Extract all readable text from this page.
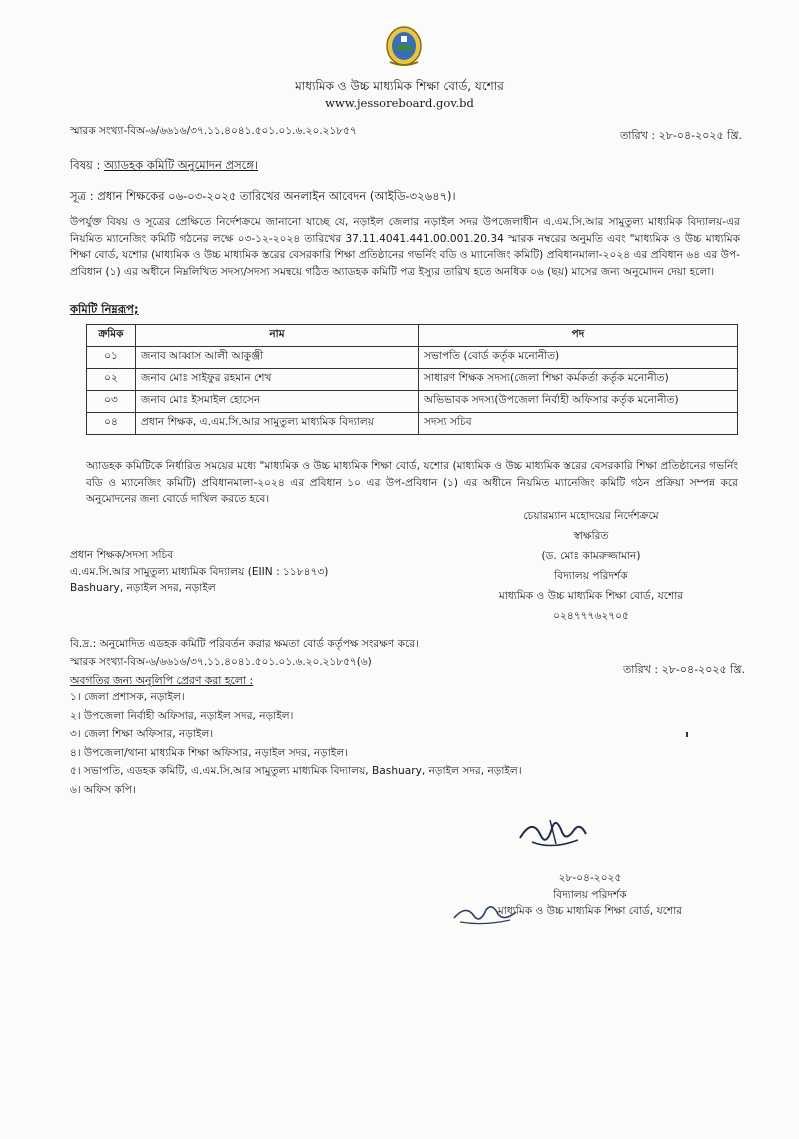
মাধ্যমিক ও উচ্চ মাধ্যমিক শিক্ষা বোর্ড, যশোর
www.jessoreboard.gov.bd
স্মারক সংখ্যা-বিঅ-৬/৬৬১৬/৩৭.১১.৪০৪১.৫০১.০১.৬.২০.২১৮৫৭	তারিখ : ২৮-০৪-২০২৫ খ্রি.
বিষয় : অ্যাডহক কমিটি অনুমোদন প্রসঙ্গে।
সূত্র : প্রধান শিক্ষকের ০৬-০৩-২০২৫ তারিখের অনলাইন আবেদন (আইডি-৩২৬৪৭)।
উপর্যুক্ত বিষয় ও সূত্রের প্রেক্ষিতে নির্দেশক্রমে জানানো যাচ্ছে যে, নড়াইল জেলার নড়াইল সদর উপজেলাধীন এ.এম.সি.আর সামুতুল্য মাধ্যমিক বিদ্যালয়-এর নিয়মিত ম্যানেজিং কমিটি গঠনের লক্ষে ০৩-১২-২০২৪ তারিখের 37.11.4041.441.00.001.20.34 স্মারক নম্বরের অনুমতি এবং "মাধ্যমিক ও উচ্চ মাধ্যমিক শিক্ষা বোর্ড, যশোর (মাধ্যমিক ও উচ্চ মাধ্যমিক স্তরের বেসরকারি শিক্ষা প্রতিষ্ঠানের গভর্নিং বডি ও ম্যানেজিং কমিটি) প্রবিধানমালা-২০২৪ এর প্রবিধান ৬৪ এর উপ-প্রবিধান (১) এর অধীনে নিম্নলিখিত সদস্য/সদস্য সমন্বয়ে গঠিত অ্যাডহক কমিটি পত্র ইস্যুর তারিখ হতে অনধিক ০৬ (ছয়) মাসের জন্য অনুমোদন দেয়া হলো।
কমিটি নিম্নরূপ;
ক্রমিক	নাম	পদ
০১	জনাব আব্বাস আলী আকুঞ্জী	সভাপতি (বোর্ড কর্তৃক মনোনীত)
০২	জনাব মোঃ সাইফুর রহমান শেখ	সাধারণ শিক্ষক সদস্য(জেলা শিক্ষা কর্মকর্তা কর্তৃক মনোনীত)
০৩	জনাব মোঃ ইসমাইল হোসেন	অভিভাবক সদস্য(উপজেলা নির্বাহী অফিসার কর্তৃক মনোনীত)
০৪	প্রধান শিক্ষক, এ.এম.সি.আর সামুতুল্য মাধ্যমিক বিদ্যালয়	সদস্য সচিব
অ্যাডহক কমিটিকে নির্ধারিত সময়ের মধ্যে "মাধ্যমিক ও উচ্চ মাধ্যমিক শিক্ষা বোর্ড, যশোর (মাধ্যমিক ও উচ্চ মাধ্যমিক স্তরের বেসরকারি শিক্ষা প্রতিষ্ঠানের গভর্নিং বডি ও ম্যানেজিং কমিটি) প্রবিধানমালা-২০২৪ এর প্রবিধান ১০ এর উপ-প্রবিধান (১) এর অধীনে নিয়মিত ম্যানেজিং কমিটি গঠন প্রক্রিয়া সম্পন্ন করে অনুমোদনের জন্য বোর্ডে দাখিল করতে হবে।
চেয়ারম্যান মহোদয়ের নির্দেশক্রমে
স্বাক্ষরিত
(ড. মোঃ কামরুজ্জামান)
বিদ্যালয় পরিদর্শক
মাধ্যমিক ও উচ্চ মাধ্যমিক শিক্ষা বোর্ড, যশোর
০২৪৭৭৭৬২৭০৫
প্রধান শিক্ষক/সদস্য সচিব
এ.এম.সি.আর সামুতুল্য মাধ্যমিক বিদ্যালয় (EIIN : ১১৮৪৭৩)
Bashuary, নড়াইল সদর, নড়াইল
বি.দ্র.: অনুমোদিত এডহক কমিটি পরিবর্তন করার ক্ষমতা বোর্ড কর্তৃপক্ষ সংরক্ষণ করে।
স্মারক সংখ্যা-বিঅ-৬/৬৬১৬/৩৭.১১.৪০৪১.৫০১.০১.৬.২০.২১৮৫৭(৬)
তারিখ : ২৮-০৪-২০২৫ খ্রি.
অবগতির জন্য অনুলিপি প্রেরণ করা হলো :
১। জেলা প্রশাসক, নড়াইল।
২। উপজেলা নির্বাহী অফিসার, নড়াইল সদর, নড়াইল।
৩। জেলা শিক্ষা অফিসার, নড়াইল।
৪। উপজেলা/থানা মাধ্যমিক শিক্ষা অফিসার, নড়াইল সদর, নড়াইল।
৫। সভাপতি, এডহক কমিটি, এ.এম.সি.আর সামুতুল্য মাধ্যমিক বিদ্যালয়, Bashuary, নড়াইল সদর, নড়াইল।
৬। অফিস কপি।
২৮-০৪-২০২৫
বিদ্যালয় পরিদর্শক
মাধ্যমিক ও উচ্চ মাধ্যমিক শিক্ষা বোর্ড, যশোর
